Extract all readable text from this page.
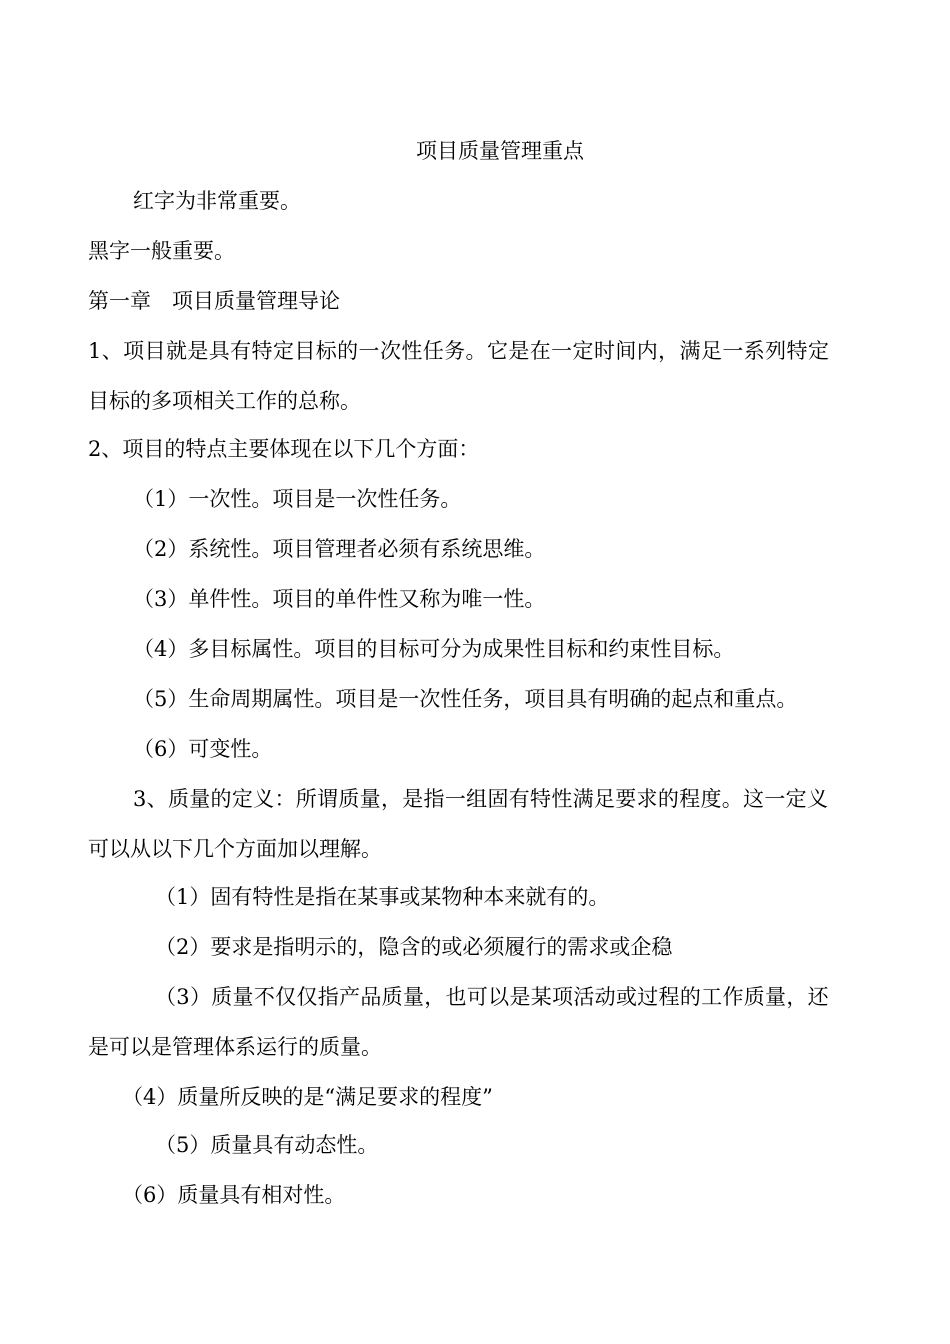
项目质量管理重点
红字为非常重要。
黑字一般重要。
第一章　项目质量管理导论
1、项目就是具有特定目标的一次性任务。它是在一定时间内，满足一系列特定
目标的多项相关工作的总称。
2、项目的特点主要体现在以下几个方面：
（1）一次性。项目是一次性任务。
（2）系统性。项目管理者必须有系统思维。
（3）单件性。项目的单件性又称为唯一性。
（4）多目标属性。项目的目标可分为成果性目标和约束性目标。
（5）生命周期属性。项目是一次性任务，项目具有明确的起点和重点。
（6）可变性。
3、质量的定义：所谓质量，是指一组固有特性满足要求的程度。这一定义
可以从以下几个方面加以理解。
（1）固有特性是指在某事或某物种本来就有的。
（2）要求是指明示的，隐含的或必须履行的需求或企稳
（3）质量不仅仅指产品质量，也可以是某项活动或过程的工作质量，还
是可以是管理体系运行的质量。
（4）质量所反映的是“满足要求的程度”
（5）质量具有动态性。
（6）质量具有相对性。
